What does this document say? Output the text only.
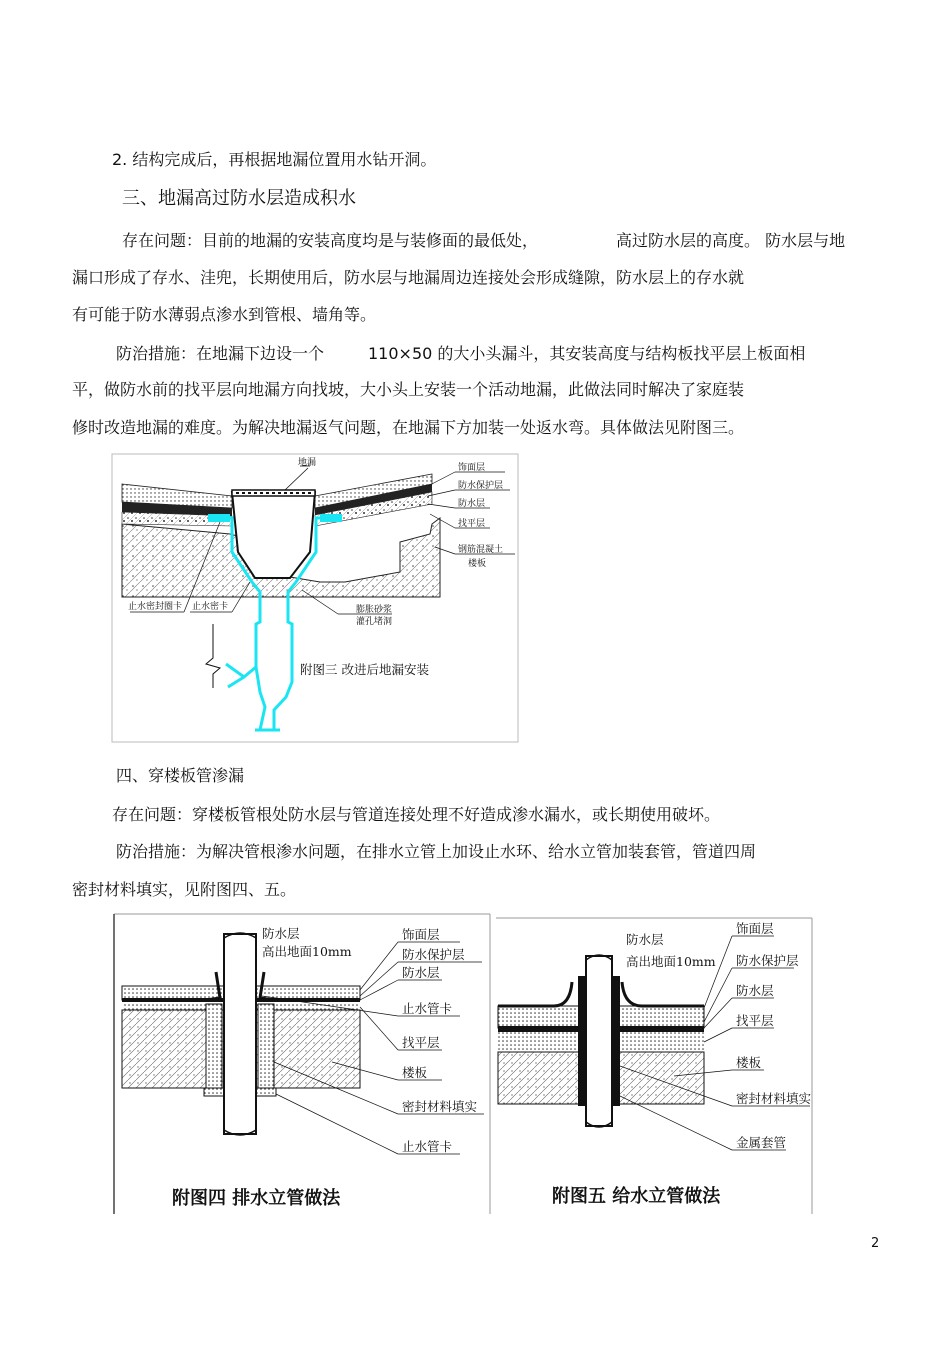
2. 结构完成后，再根据地漏位置用水钻开洞。
三、地漏高过防水层造成积水
存在问题：目前的地漏的安装高度均是与装修面的最低处，	高过防水层的高度。 防水层与地
漏口形成了存水、洼兜，长期使用后，防水层与地漏周边连接处会形成缝隙，防水层上的存水就
有可能于防水薄弱点渗水到管根、墙角等。
防治措施：在地漏下边设一个	110×50 的大小头漏斗，其安装高度与结构板找平层上板面相
平，做防水前的找平层向地漏方向找坡，大小头上安装一个活动地漏，此做法同时解决了家庭装
修时改造地漏的难度。为解决地漏返气问题，在地漏下方加装一处返水弯。具体做法见附图三。
地漏	饰面层
防水保护层
防水层
找平层
钢筋混凝土
楼板
止水密封圈卡 止水密卡	膨胀砂浆
灌孔堵洞
附图三 改进后地漏安装
四、穿楼板管渗漏
存在问题：穿楼板管根处防水层与管道连接处理不好造成渗水漏水，或长期使用破坏。
防治措施：为解决管根渗水问题，在排水立管上加设止水环、给水立管加装套管，管道四周
密封材料填实，见附图四、五。
防水层
高出地面10mm
饰面层
防水保护层
防水层
止水管卡
找平层
楼板
密封材料填实
止水管卡
附图四 排水立管做法
防水层
高出地面10mm
饰面层
防水保护层
防水层
找平层
楼板
密封材料填实
金属套管
附图五 给水立管做法
2
